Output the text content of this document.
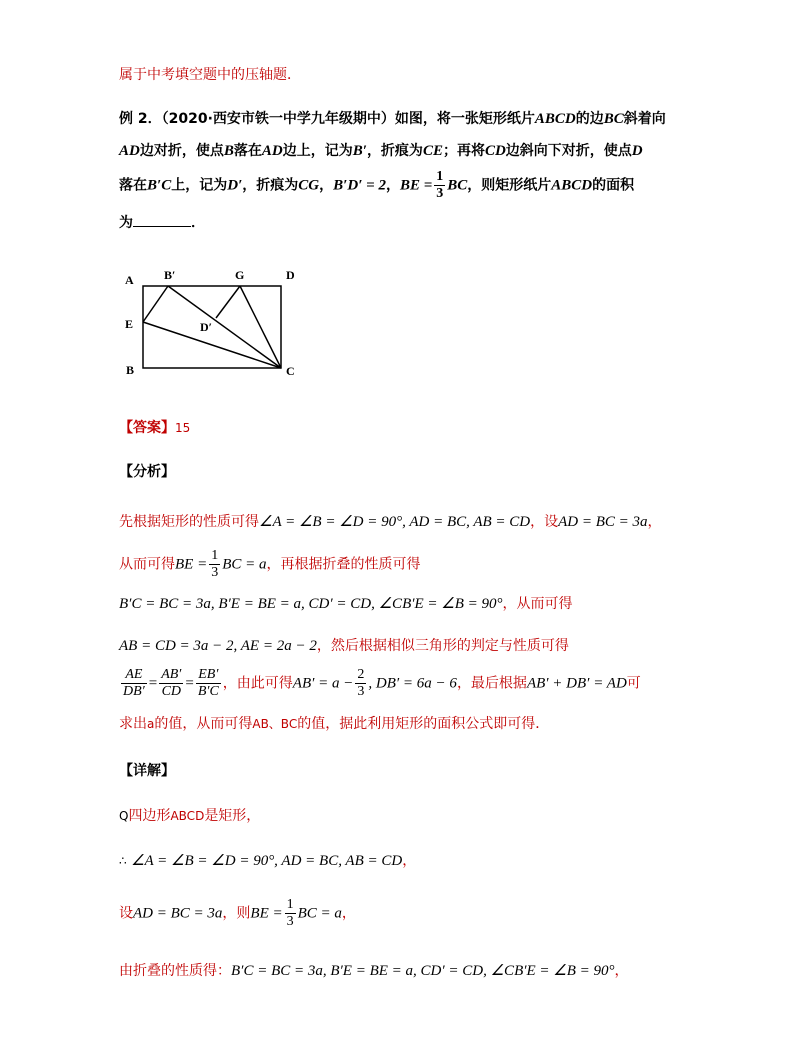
属于中考填空题中的压轴题．
例 2．（2020·西安市铁一中学九年级期中）如图，将一张矩形纸片ABCD的边BC斜着向
AD边对折，使点B落在AD边上，记为B′，折痕为CE；再将CD边斜向下对折，使点D
落在B′C上，记为D′，折痕为CG，B′D′ = 2，BE = $\frac{1}{3}$ BC，则矩形纸片ABCD的面积
为	．
A	B′	G	D
E	D′
B	C
【答案】15
【分析】
先根据矩形的性质可得∠A = ∠B = ∠D = 90°, AD = BC, AB = CD，设AD = BC = 3a，
从而可得BE = $\frac{1}{3}$ BC = a，再根据折叠的性质可得
B′C = BC = 3a, B′E = BE = a, CD′ = CD, ∠CB′E = ∠B = 90°，从而可得
AB = CD = 3a − 2, AE = 2a − 2，然后根据相似三角形的判定与性质可得
$\frac{AE}{DB'} = \frac{AB'}{CD} = \frac{EB'}{B'C}$ ，由此可得$AB' = a - \frac{2}{3}$ , DB′ = 6a − 6，最后根据AB′ + DB′ = AD可
求出a的值，从而可得AB、BC的值，据此利用矩形的面积公式即可得．
【详解】
Q四边形ABCD是矩形，
∴ ∠A = ∠B = ∠D = 90°, AD = BC, AB = CD，
设AD = BC = 3a，则BE = $\frac{1}{3}$ BC = a，
由折叠的性质得：B′C = BC = 3a, B′E = BE = a, CD′ = CD, ∠CB′E = ∠B = 90°，
